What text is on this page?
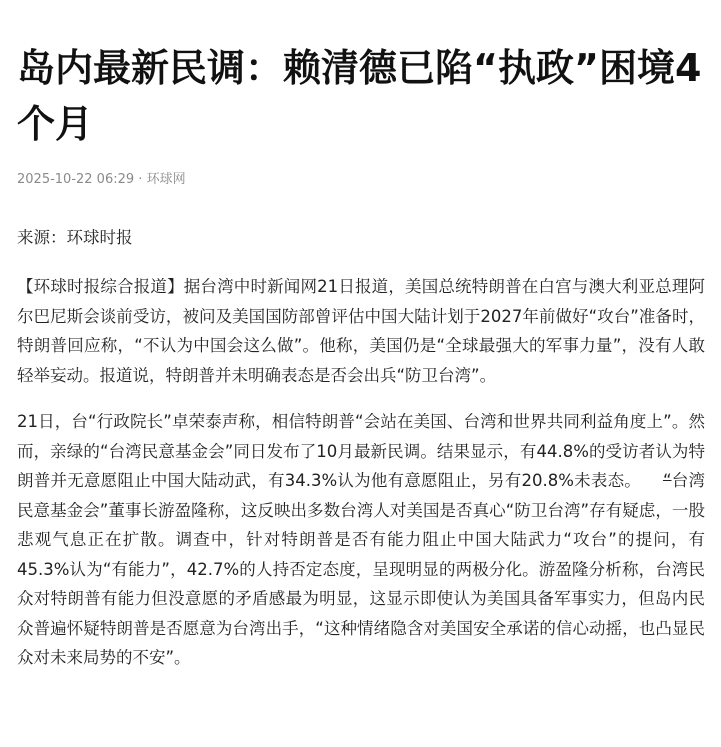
岛内最新民调：赖清德已陷“执政”困境4个月
2025-10-22 06:29 · 环球网
来源：环球时报

【环球时报综合报道】据台湾中时新闻网21日报道，美国总统特朗普在白宫与澳大利亚总理阿尔巴尼斯会谈前受访，被问及美国国防部曾评估中国大陆计划于2027年前做好“攻台”准备时，特朗普回应称，“不认为中国会这么做”。他称，美国仍是“全球最强大的军事力量”，没有人敢轻举妄动。报道说，特朗普并未明确表态是否会出兵“防卫台湾”。

21日，台“行政院长”卓荣泰声称，相信特朗普“会站在美国、台湾和世界共同利益角度上”。然而，亲绿的“台湾民意基金会”同日发布了10月最新民调。结果显示，有44.8%的受访者认为特朗普并无意愿阻止中国大陆动武，有34.3%认为他有意愿阻止，另有20.8%未表态。 “台湾民意基金会”董事长游盈隆称，这反映出多数台湾人对美国是否真心“防卫台湾”存有疑虑，一股悲观气息正在扩散。调查中，针对特朗普是否有能力阻止中国大陆武力“攻台”的提问，有45.3%认为“有能力”，42.7%的人持否定态度，呈现明显的两极分化。游盈隆分析称，台湾民众对特朗普有能力但没意愿的矛盾感最为明显，这显示即使认为美国具备军事实力，但岛内民众普遍怀疑特朗普是否愿意为台湾出手，“这种情绪隐含对美国安全承诺的信心动摇，也凸显民众对未来局势的不安”。
